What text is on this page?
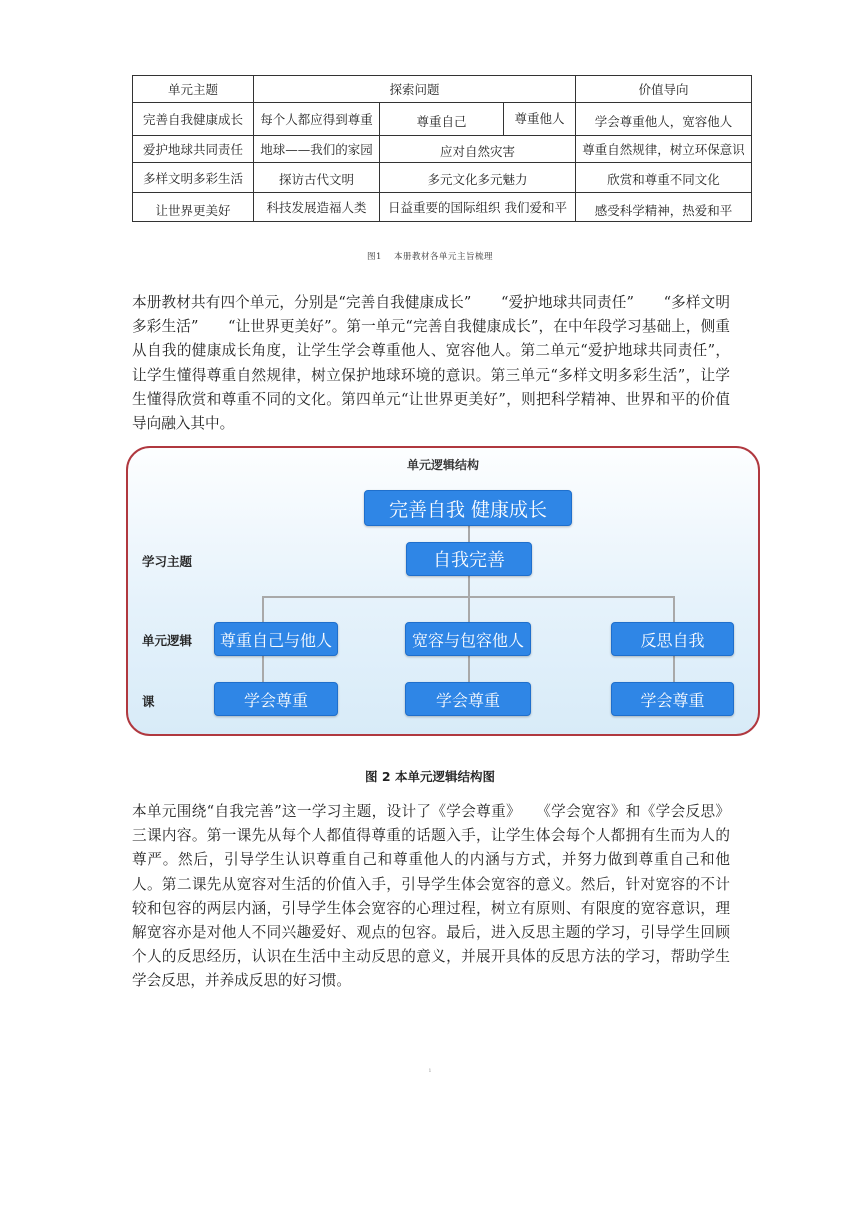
单元主题	探索问题	价值导向
完善自我健康成长	每个人都应得到尊重	尊重自己	尊重他人	学会尊重他人，宽容他人
爱护地球共同责任	地球——我们的家园	应对自然灾害	尊重自然规律，树立环保意识
多样文明多彩生活	探访古代文明	多元文化多元魅力	欣赏和尊重不同文化
让世界更美好	科技发展造福人类	日益重要的国际组织 我们爱和平	感受科学精神，热爱和平
图1 本册教材各单元主旨梳理

本册教材共有四个单元，分别是“完善自我健康成长”　　“爱护地球共同责任”　　“多样文明多彩生活”　　“让世界更美好”。第一单元“完善自我健康成长”，在中年段学习基础上，侧重从自我的健康成长角度，让学生学会尊重他人、宽容他人。第二单元“爱护地球共同责任”，让学生懂得尊重自然规律，树立保护地球环境的意识。第三单元“多样文明多彩生活”，让学生懂得欣赏和尊重不同的文化。第四单元“让世界更美好”，则把科学精神、世界和平的价值导向融入其中。

单元逻辑结构
学习主题
单元逻辑
课
完善自我 健康成长
自我完善
尊重自己与他人	宽容与包容他人	反思自我
学会尊重	学会尊重	学会尊重
图 2 本单元逻辑结构图

本单元围绕“自我完善”这一学习主题，设计了《学会尊重》　　《学会宽容》和《学会反思》三课内容。第一课先从每个人都值得尊重的话题入手，让学生体会每个人都拥有生而为人的尊严。然后，引导学生认识尊重自己和尊重他人的内涵与方式，并努力做到尊重自己和他人。第二课先从宽容对生活的价值入手，引导学生体会宽容的意义。然后，针对宽容的不计较和包容的两层内涵，引导学生体会宽容的心理过程，树立有原则、有限度的宽容意识，理解宽容亦是对他人不同兴趣爱好、观点的包容。最后，进入反思主题的学习，引导学生回顾个人的反思经历，认识在生活中主动反思的意义，并展开具体的反思方法的学习，帮助学生学会反思，并养成反思的好习惯。

1
